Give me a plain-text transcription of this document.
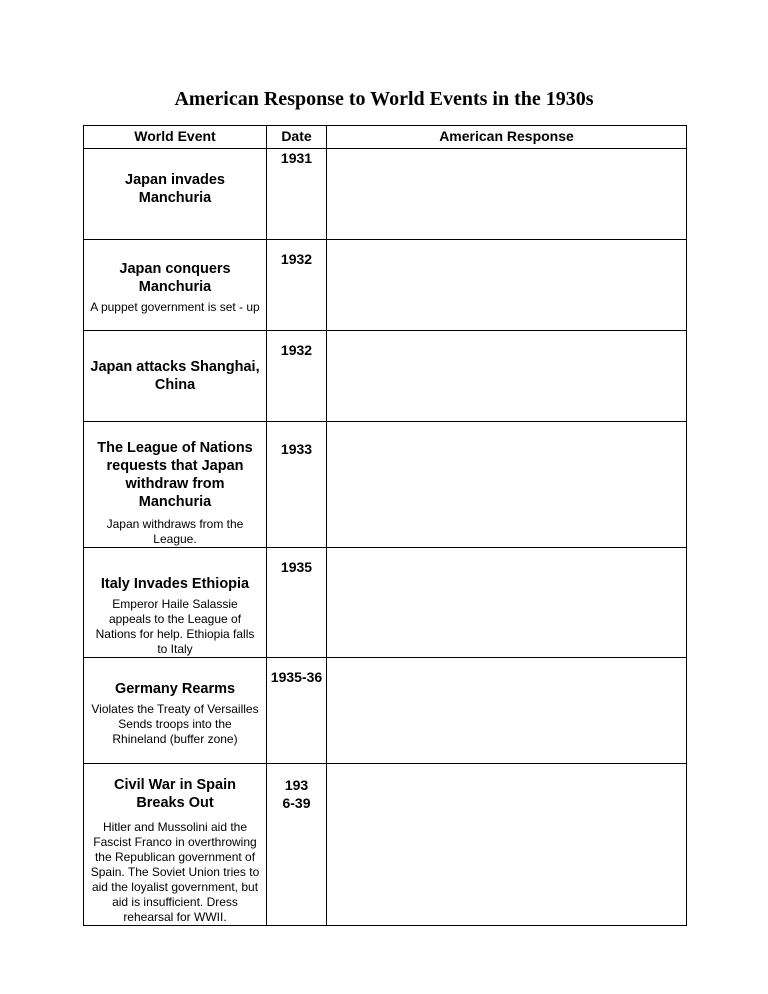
American Response to World Events in the 1930s
World Event	Date	American Response

Japan invades Manchuria	1931	

Japan conquers Manchuria
A puppet government is set - up	1932	

Japan attacks Shanghai, China	1932	

The League of Nations requests that Japan withdraw from Manchuria
Japan withdraws from the League.	1933	

Italy Invades Ethiopia
Emperor Haile Salassie appeals to the League of Nations for help. Ethiopia falls to Italy	1935	

Germany Rearms
Violates the Treaty of Versailles Sends troops into the Rhineland (buffer zone)	1935-36	

Civil War in Spain Breaks Out
Hitler and Mussolini aid the Fascist Franco in overthrowing the Republican government of Spain. The Soviet Union tries to aid the loyalist government, but aid is insufficient. Dress rehearsal for WWII.	1936-39	
